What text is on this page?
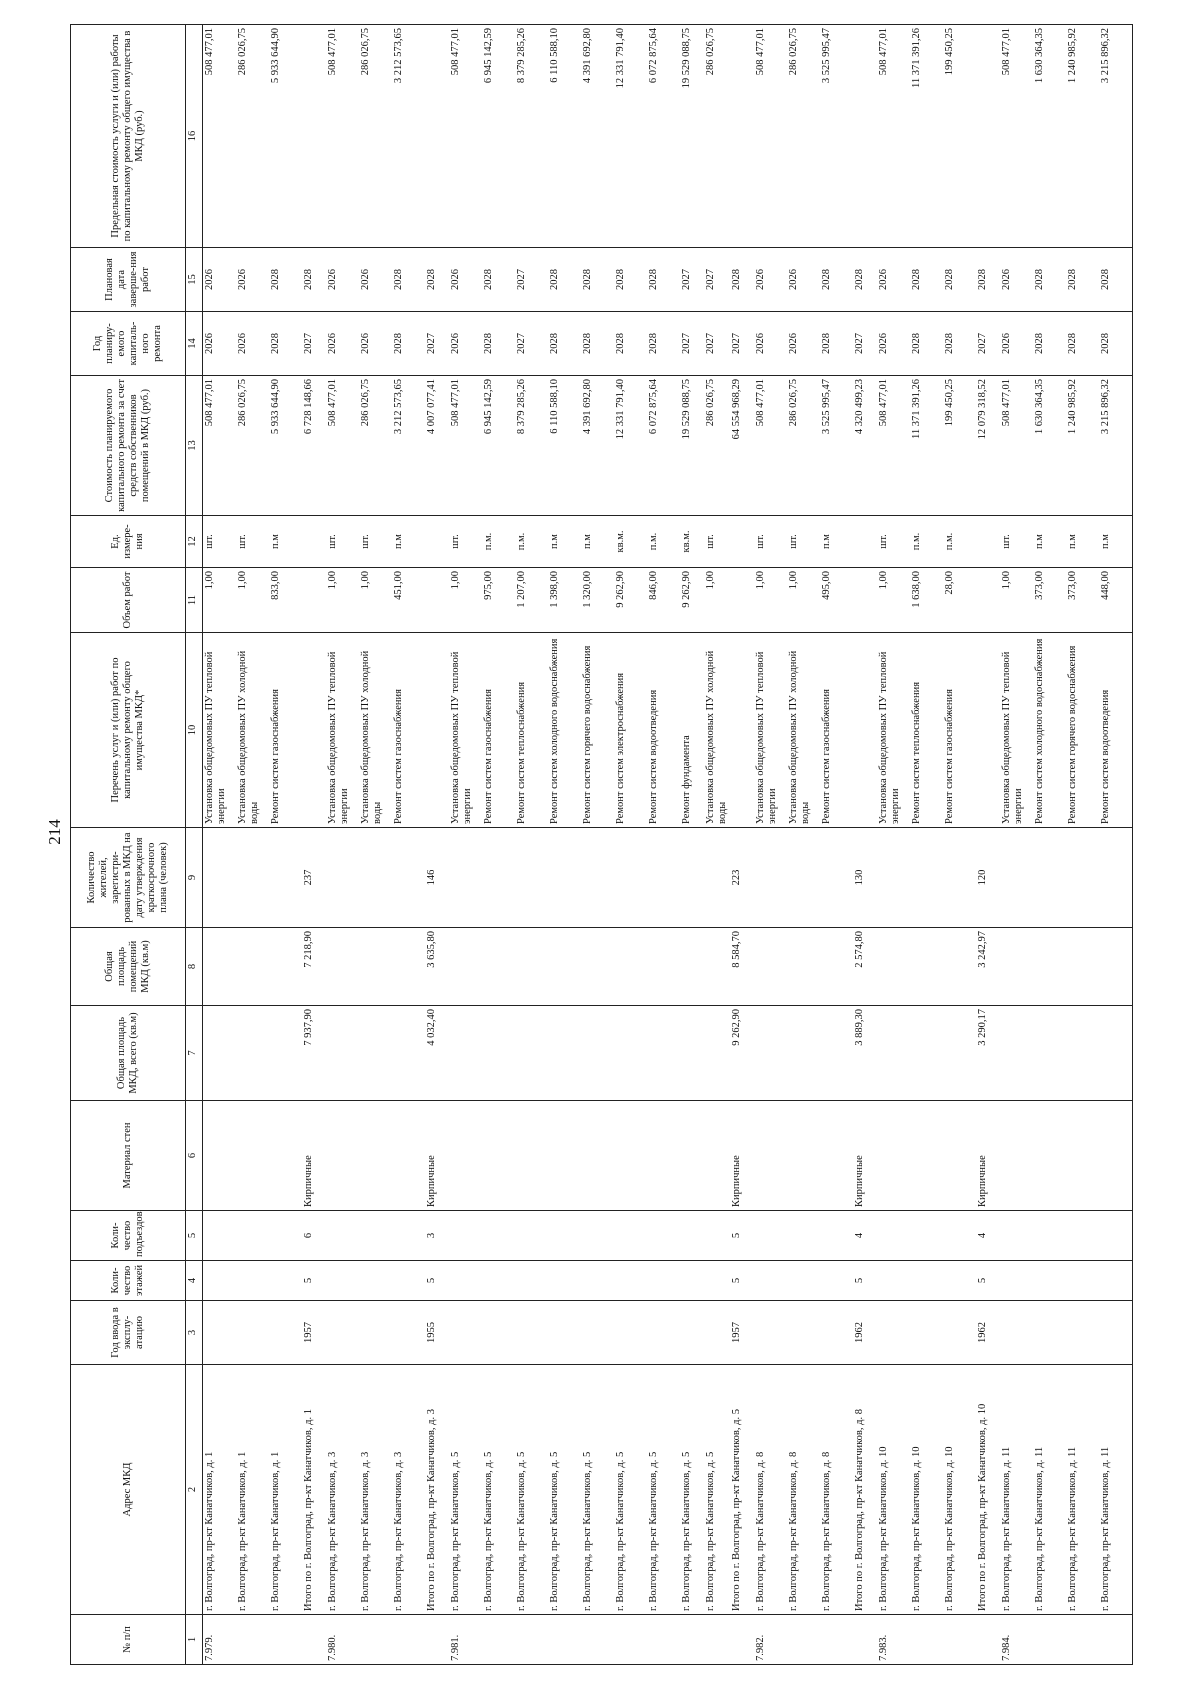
214
№ п/п	Адрес МКД	Год ввода в эксплу-атацию	Коли-чество этажей	Коли-чество подъездов	Материал стен	Общая площадь МКД, всего (кв.м)	Общая площадь помещений МКД (кв.м)	Количество жителей, зарегистри-рованных в МКД на дату утверждения краткосрочного плана (человек)	Перечень услуг и (или) работ по капитальному ремонту общего имущества МКД*	Объем работ	Ед. измере-ния	Стоимость планируемого капитального ремонта за счет средств собственников помещений в МКД (руб.)	Год планиру-емого капиталь-ного ремонта	Плановая дата заверше-ния работ	Предельная стоимость услуги и (или) работы по капитальному ремонту общего имущества в МКД (руб.)
1	2	3	4	5	6	7	8	9	10	11	12	13	14	15	16
7.979.	г. Волгоград, пр-кт Канатчиков, д. 1								Установка общедомовых ПУ тепловой энергии	1,00	шт.	508 477,01	2026	2026	508 477,01
	г. Волгоград, пр-кт Канатчиков, д. 1								Установка общедомовых ПУ холодной воды	1,00	шт.	286 026,75	2026	2026	286 026,75
	г. Волгоград, пр-кт Канатчиков, д. 1								Ремонт систем газоснабжения	833,00	п.м	5 933 644,90	2028	2028	5 933 644,90
	Итого по г. Волгоград, пр-кт Канатчиков, д. 1	1957	5	6	Кирпичные	7 937,90	7 218,90	237				6 728 148,66	2027	2028	
7.980.	г. Волгоград, пр-кт Канатчиков, д. 3								Установка общедомовых ПУ тепловой энергии	1,00	шт.	508 477,01	2026	2026	508 477,01
	г. Волгоград, пр-кт Канатчиков, д. 3								Установка общедомовых ПУ холодной воды	1,00	шт.	286 026,75	2026	2026	286 026,75
	г. Волгоград, пр-кт Канатчиков, д. 3								Ремонт систем газоснабжения	451,00	п.м	3 212 573,65	2028	2028	3 212 573,65
	Итого по г. Волгоград, пр-кт Канатчиков, д. 3	1955	5	3	Кирпичные	4 032,40	3 635,80	146				4 007 077,41	2027	2028	
7.981.	г. Волгоград, пр-кт Канатчиков, д. 5								Установка общедомовых ПУ тепловой энергии	1,00	шт.	508 477,01	2026	2026	508 477,01
	г. Волгоград, пр-кт Канатчиков, д. 5								Ремонт систем газоснабжения	975,00	п.м.	6 945 142,59	2028	2028	6 945 142,59
	г. Волгоград, пр-кт Канатчиков, д. 5								Ремонт систем теплоснабжения	1 207,00	п.м.	8 379 285,26	2027	2027	8 379 285,26
	г. Волгоград, пр-кт Канатчиков, д. 5								Ремонт систем холодного водоснабжения	1 398,00	п.м	6 110 588,10	2028	2028	6 110 588,10
	г. Волгоград, пр-кт Канатчиков, д. 5								Ремонт систем горячего водоснабжения	1 320,00	п.м	4 391 692,80	2028	2028	4 391 692,80
	г. Волгоград, пр-кт Канатчиков, д. 5								Ремонт систем электроснабжения	9 262,90	кв.м.	12 331 791,40	2028	2028	12 331 791,40
	г. Волгоград, пр-кт Канатчиков, д. 5								Ремонт систем водоотведения	846,00	п.м.	6 072 875,64	2028	2028	6 072 875,64
	г. Волгоград, пр-кт Канатчиков, д. 5								Ремонт фундамента	9 262,90	кв.м.	19 529 088,75	2027	2027	19 529 088,75
	г. Волгоград, пр-кт Канатчиков, д. 5								Установка общедомовых ПУ холодной воды	1,00	шт.	286 026,75	2027	2027	286 026,75
	Итого по г. Волгоград, пр-кт Канатчиков, д. 5	1957	5	5	Кирпичные	9 262,90	8 584,70	223				64 554 968,29	2027	2028	
7.982.	г. Волгоград, пр-кт Канатчиков, д. 8								Установка общедомовых ПУ тепловой энергии	1,00	шт.	508 477,01	2026	2026	508 477,01
	г. Волгоград, пр-кт Канатчиков, д. 8								Установка общедомовых ПУ холодной воды	1,00	шт.	286 026,75	2026	2026	286 026,75
	г. Волгоград, пр-кт Канатчиков, д. 8								Ремонт систем газоснабжения	495,00	п.м	3 525 995,47	2028	2028	3 525 995,47
	Итого по г. Волгоград, пр-кт Канатчиков, д. 8	1962	5	4	Кирпичные	3 889,30	2 574,80	130				4 320 499,23	2027	2028	
7.983.	г. Волгоград, пр-кт Канатчиков, д. 10								Установка общедомовых ПУ тепловой энергии	1,00	шт.	508 477,01	2026	2026	508 477,01
	г. Волгоград, пр-кт Канатчиков, д. 10								Ремонт систем теплоснабжения	1 638,00	п.м.	11 371 391,26	2028	2028	11 371 391,26
	г. Волгоград, пр-кт Канатчиков, д. 10								Ремонт систем газоснабжения	28,00	п.м.	199 450,25	2028	2028	199 450,25
	Итого по г. Волгоград, пр-кт Канатчиков, д. 10	1962	5	4	Кирпичные	3 290,17	3 242,97	120				12 079 318,52	2027	2028	
7.984.	г. Волгоград, пр-кт Канатчиков, д. 11								Установка общедомовых ПУ тепловой энергии	1,00	шт.	508 477,01	2026	2026	508 477,01
	г. Волгоград, пр-кт Канатчиков, д. 11								Ремонт систем холодного водоснабжения	373,00	п.м	1 630 364,35	2028	2028	1 630 364,35
	г. Волгоград, пр-кт Канатчиков, д. 11								Ремонт систем горячего водоснабжения	373,00	п.м	1 240 985,92	2028	2028	1 240 985,92
	г. Волгоград, пр-кт Канатчиков, д. 11								Ремонт систем водоотведения	448,00	п.м	3 215 896,32	2028	2028	3 215 896,32
